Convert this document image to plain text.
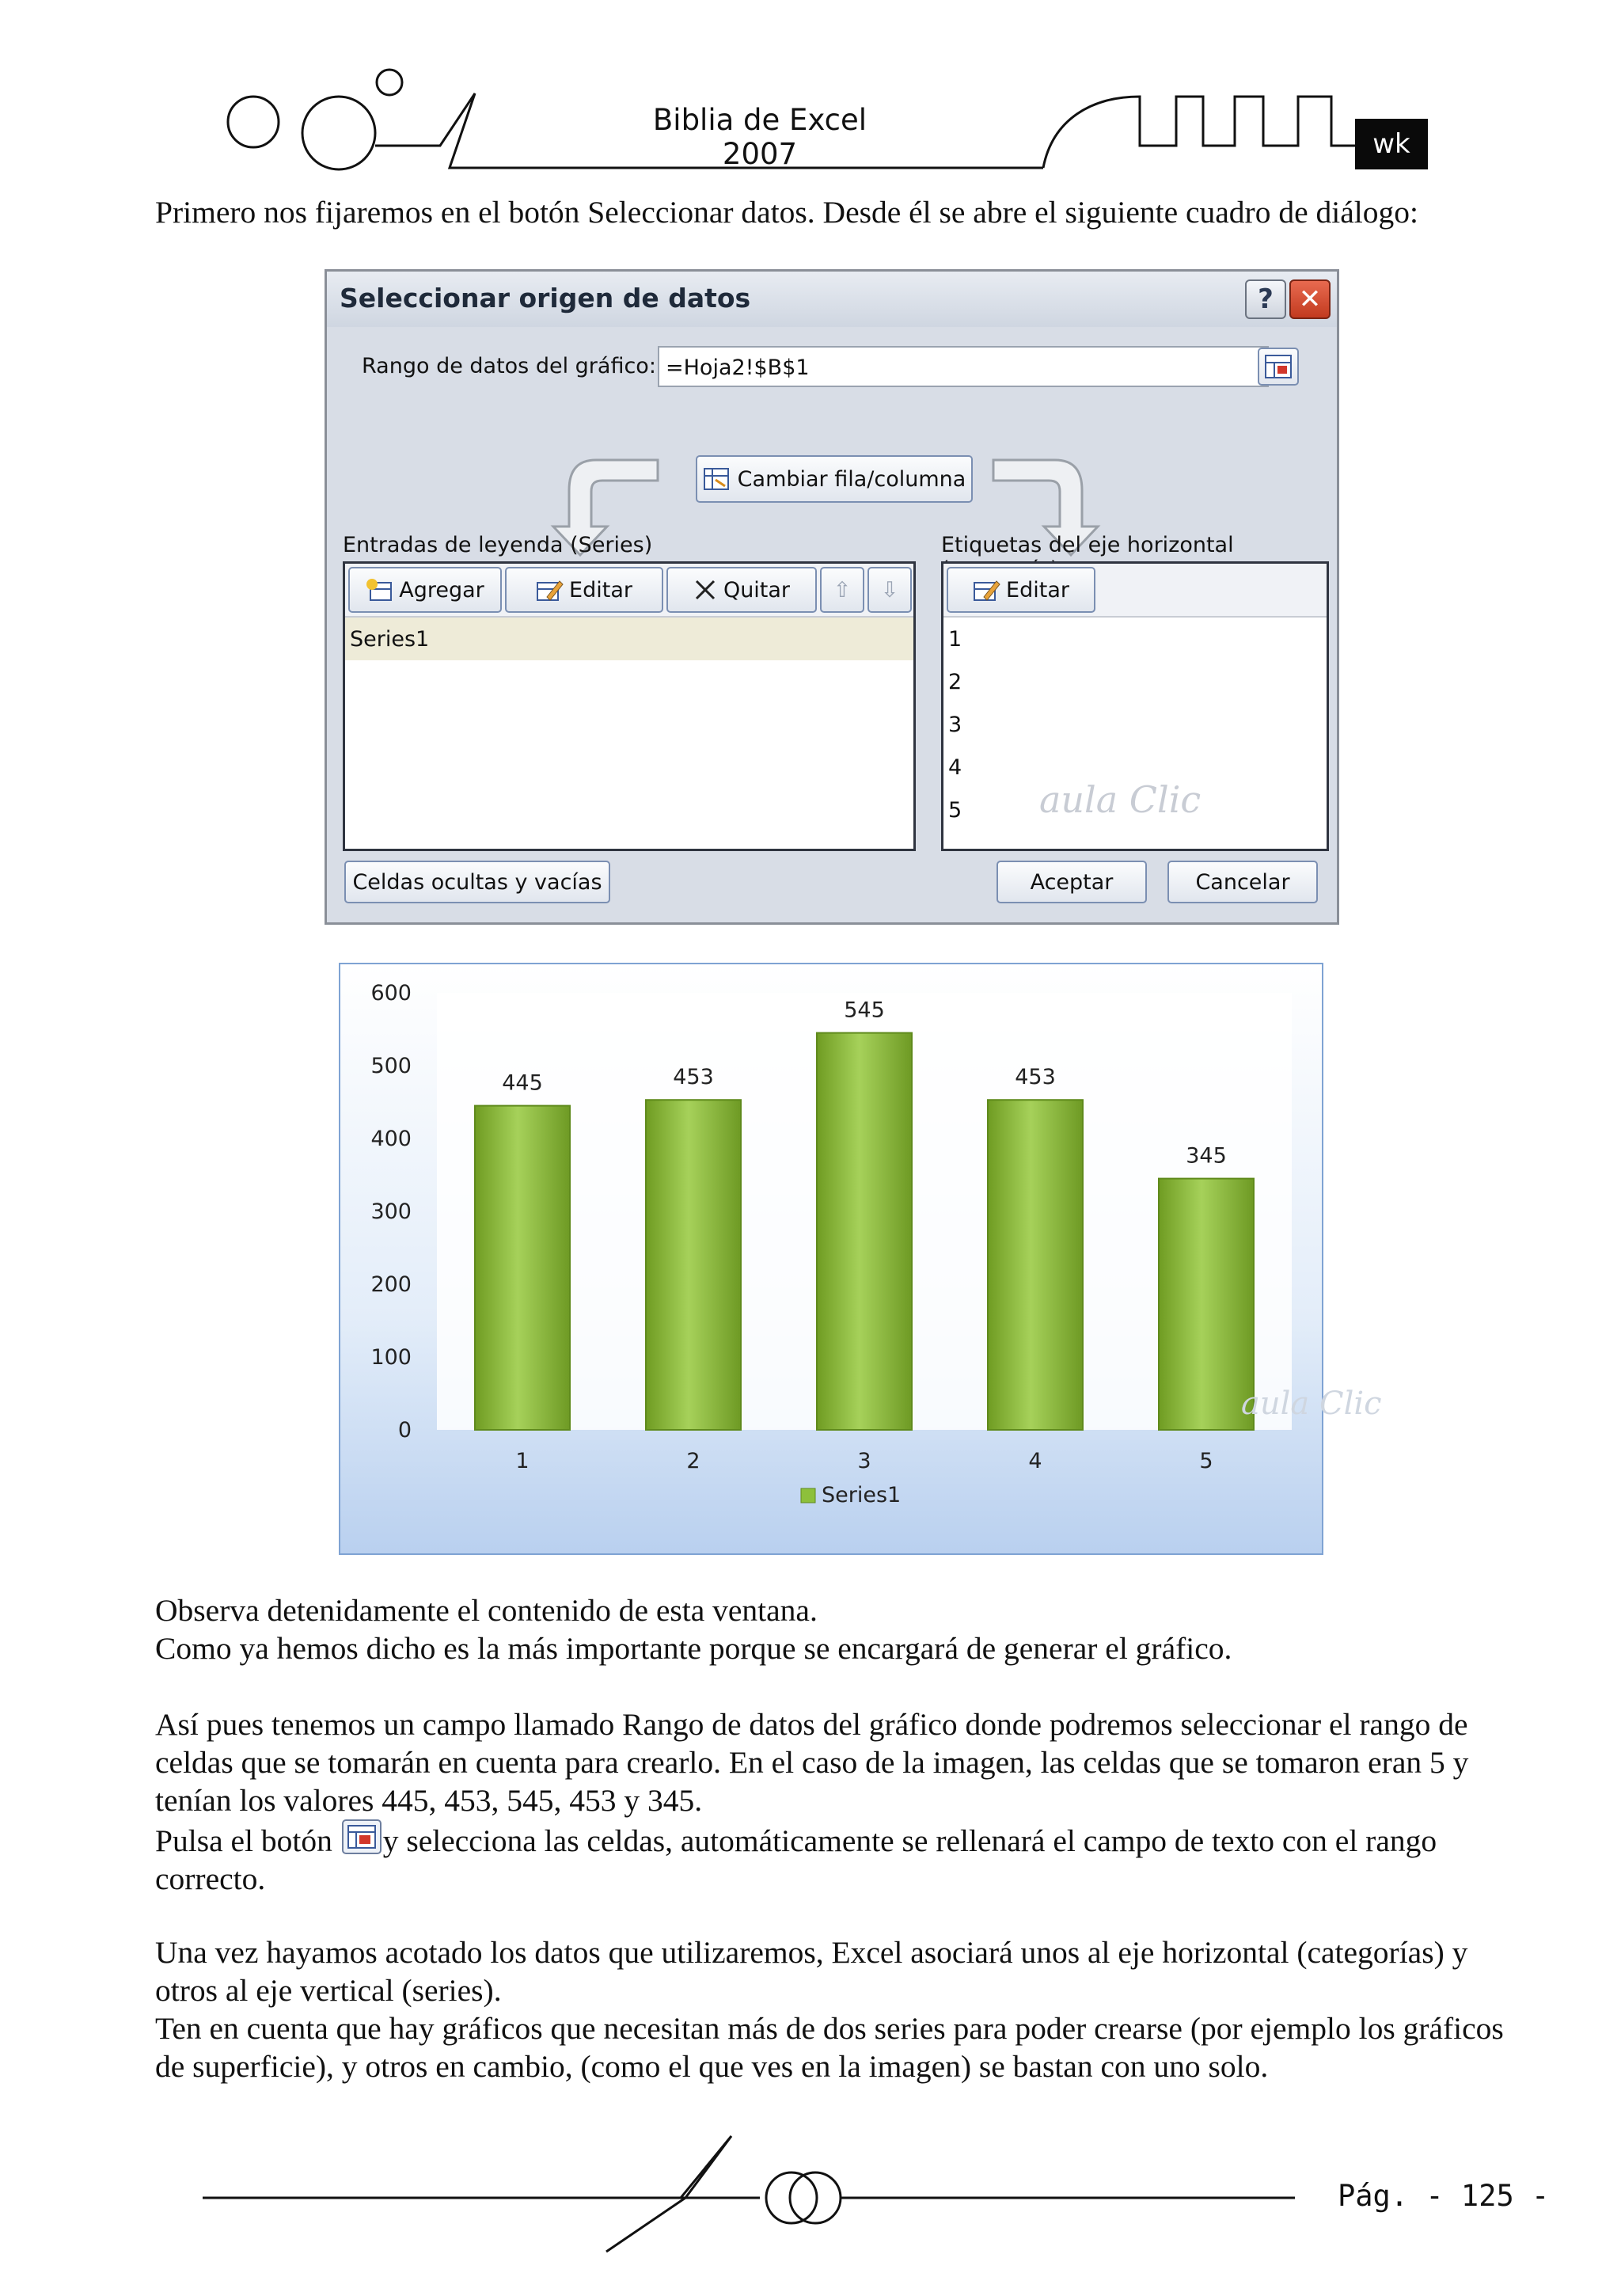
Biblia de Excel 2007	wk
Primero nos fijaremos en el botón Seleccionar datos. Desde él se abre el siguiente cuadro de diálogo:
Seleccionar origen de datos	? ✕
Rango de datos del gráfico: =Hoja2!$B$1
Cambiar fila/columna
Entradas de leyenda (Series)	Etiquetas del eje horizontal
Agregar	Editar	Quitar ⇧ ⇩
Series1
Editar
1
2
3
4
5 aula Clic
Celdas ocultas y vacías	Aceptar	Cancelar
0
100
200
300
400
500
600
445	453
545
453
345
1	2	3	4	5
aula Clic
Series1
Observa detenidamente el contenido de esta ventana.
Como ya hemos dicho es la más importante porque se encargará de generar el gráfico.
Así pues tenemos un campo llamado Rango de datos del gráfico donde podremos seleccionar el rango de celdas que se tomarán en cuenta para crearlo. En el caso de la imagen, las celdas que se tomaron eran 5 y tenían los valores 445, 453, 545, 453 y 345.
Pulsa el botón y selecciona las celdas, automáticamente se rellenará el campo de texto con el rango correcto.
Una vez hayamos acotado los datos que utilizaremos, Excel asociará unos al eje horizontal (categorías) y otros al eje vertical (series).
Ten en cuenta que hay gráficos que necesitan más de dos series para poder crearse (por ejemplo los gráficos de superficie), y otros en cambio, (como el que ves en la imagen) se bastan con uno solo.
Pág. - 125 -
